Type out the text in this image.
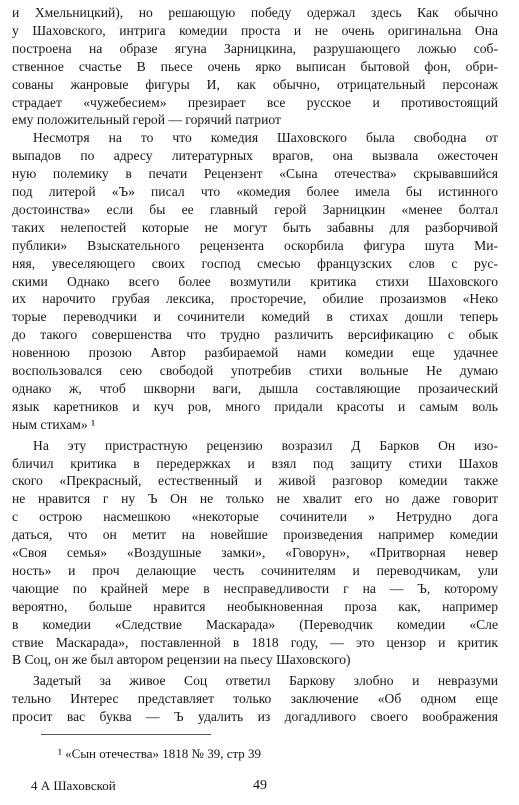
и Хмельницкий), но решающую победу одержал здесь Как обычно
у Шаховского, интрига комедии проста и не очень оригинальна Она
построена на образе ягуна Зарницкина, разрушающего ложью соб-
ственное счастье В пьесе очень ярко выписан бытовой фон, обри-
сованы жанровые фигуры И, как обычно, отрицательный персонаж
страдает «чужебесием» презирает все русское и противостоящий
ему положительный герой — горячий патриот
Несмотря на то что комедия Шаховского была свободна от
выпадов по адресу литературных врагов, она вызвала ожесточен
ную полемику в печати Рецензент «Сына отечества» скрывавшийся
под литерой «Ъ» писал что «комедия более имела бы истинного
достоинства» если бы ее главный герой Зарницкин «менее болтал
таких нелепостей которые не могут быть забавны для разборчивой
публики» Взыскательного рецензента оскорбила фигура шута Ми-
няя, увеселяющего своих господ смесью французских слов с рус-
скими Однако всего более возмутили критика стихи Шаховского
их нарочито грубая лексика, просторечие, обилие прозаизмов «Неко
торые переводчики и сочинители комедий в стихах дошли теперь
до такого совершенства что трудно различить версификацию с обык
новенною прозою Автор разбираемой нами комедии еще удачнее
воспользовался сею свободой употребив стихи вольные Не думаю
однако ж, чтоб шкворни ваги, дышла составляющие прозаический
язык каретников и куч ров, много придали красоты и самым воль
ным стихам» ¹
На эту пристрастную рецензию возразил Д Барков Он изо-
бличил критика в передержках и взял под защиту стихи Шахов
ского «Прекрасный, естественный и живой разговор комедии также
не нравится г ну Ъ Он не только не хвалит его но даже говорит
с острою насмешкою «некоторые сочинители » Нетрудно дога
даться, что он метит на новейшие произведения например комедии
«Своя семья» «Воздушные замки», «Говорун», «Притворная невер
ность» и проч делающие честь сочинителям и переводчикам, ули
чающие по крайней мере в несправедливости г на — Ъ, которому
вероятно, больше нравится необыкновенная проза как, например
в комедии «Следствие Маскарада» (Переводчик комедии «Сле
ствие Маскарада», поставленной в 1818 году, — это цензор и критик
В Соц, он же был автором рецензии на пьесу Шаховского)
Задетый за живое Соц ответил Баркову злобно и невразуми
тельно Интерес представляет только заключение «Об одном еще
просит вас буква — Ъ удалить из догадливого своего воображения
¹ «Сын отечества» 1818 № 39, стр 39
4 А Шаховской	49
